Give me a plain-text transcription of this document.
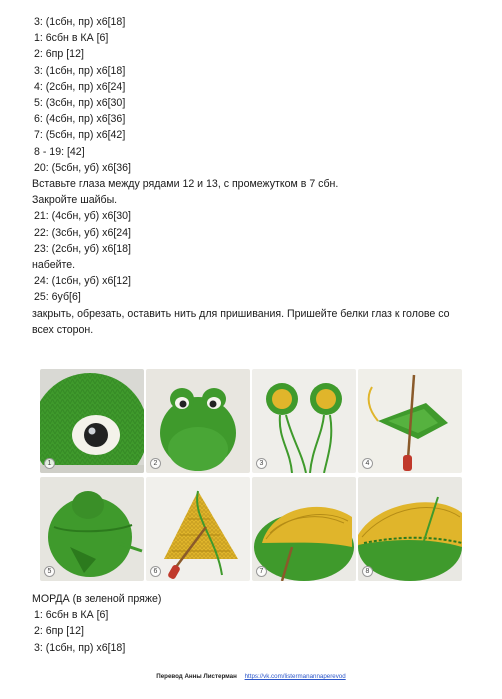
3: (1сбн, пр) х6[18]
1: 6сбн в КА [6]
2: 6пр [12]
3: (1сбн, пр) х6[18]
4: (2сбн, пр) х6[24]
5: (3сбн, пр) х6[30]
6: (4сбн, пр) х6[36]
7: (5сбн, пр) х6[42]
8 - 19: [42]
20: (5сбн, уб) х6[36]
Вставьте глаза между рядами 12 и 13, с промежутком в 7 сбн.
Закройте шайбы.
21: (4сбн, уб) х6[30]
22: (3сбн, уб) х6[24]
23: (2сбн, уб) х6[18]
набейте.
24: (1сбн, уб) х6[12]
25: 6уб[6]
закрыть, обрезать, оставить нить для пришивания. Пришейте белки глаз к голове со всех сторон.
1	2	3	4
5	6	7	8
МОРДА (в зеленой пряже)
1: 6сбн в КА [6]
2: 6пр [12]
3: (1сбн, пр) х6[18]
Перевод Анны Листерман https://vk.com/listermanannaperevod
